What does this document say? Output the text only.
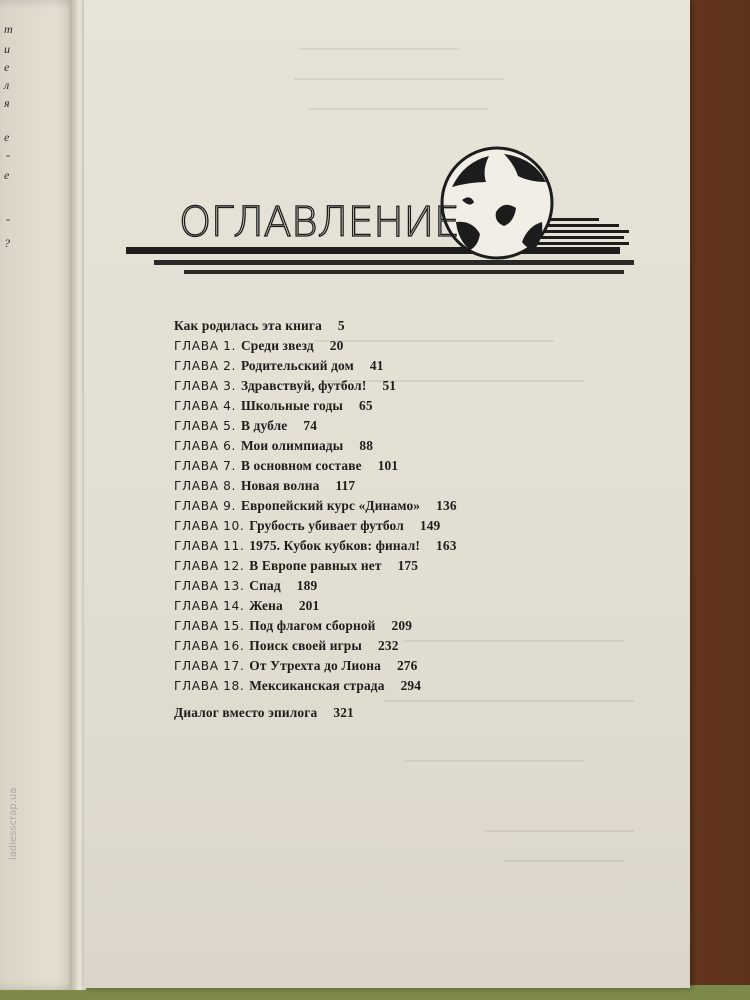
т
и
е
л
я
е
-
е
-
?	ОГЛАВЛЕНИЕ
Как родилась эта книга 5
ГЛАВА 1. Среди звезд 20
ГЛАВА 2. Родительский дом 41
ГЛАВА 3. Здравствуй, футбол! 51
ГЛАВА 4. Школьные годы 65
ГЛАВА 5. В дубле 74
ГЛАВА 6. Мои олимпиады 88
ГЛАВА 7. В основном составе 101
ГЛАВА 8. Новая волна 117
ГЛАВА 9. Европейский курс «Динамо» 136
ГЛАВА 10. Грубость убивает футбол 149
ГЛАВА 11. 1975. Кубок кубков: финал! 163
ГЛАВА 12. В Европе равных нет 175
ГЛАВА 13. Спад 189
ГЛАВА 14. Жена 201
ГЛАВА 15. Под флагом сборной 209
ГЛАВА 16. Поиск своей игры 232
ГЛАВА 17. От Утрехта до Лиона 276
ГЛАВА 18. Мексиканская страда 294
Диалог вместо эпилога 321
ladiesscrap.ua
